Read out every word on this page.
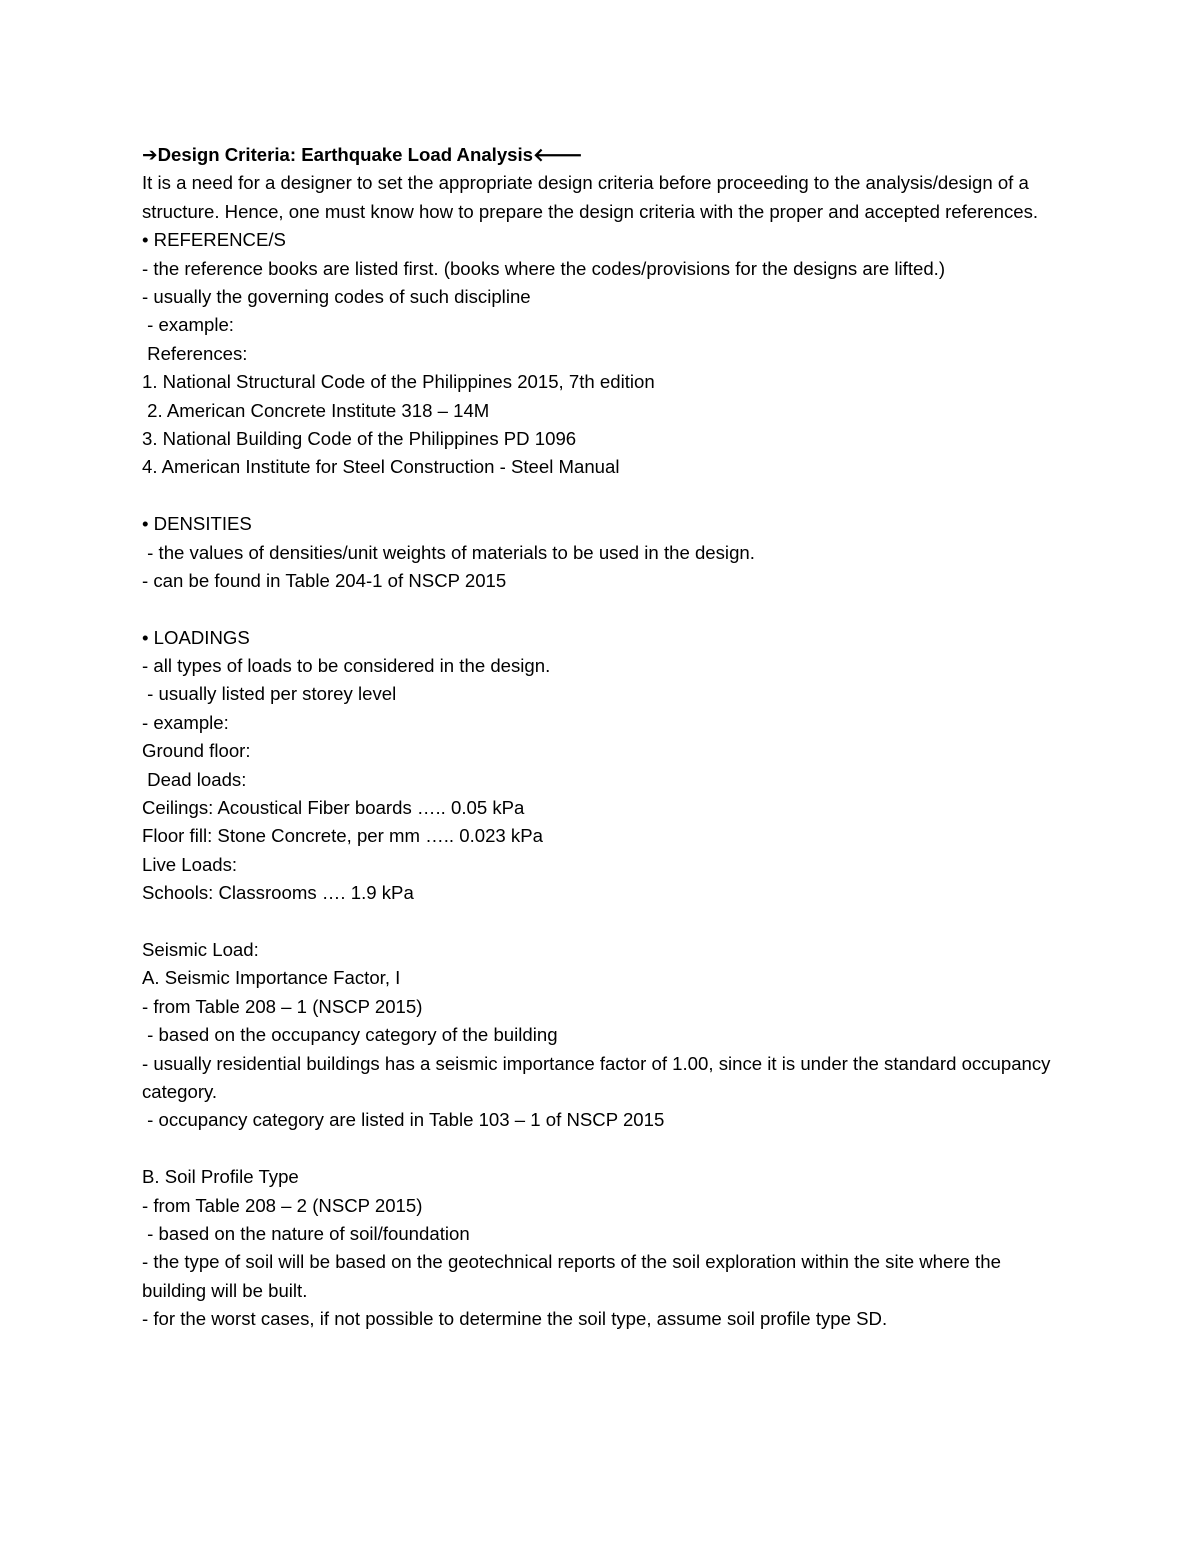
➔Design Criteria: Earthquake Load Analysis🡐
It is a need for a designer to set the appropriate design criteria before proceeding to the analysis/design of a structure. Hence, one must know how to prepare the design criteria with the proper and accepted references.
• REFERENCE/S
- the reference books are listed first. (books where the codes/provisions for the designs are lifted.)
- usually the governing codes of such discipline
- example:
References:
1. National Structural Code of the Philippines 2015, 7th edition
2. American Concrete Institute 318 – 14M
3. National Building Code of the Philippines PD 1096
4. American Institute for Steel Construction - Steel Manual
• DENSITIES
- the values of densities/unit weights of materials to be used in the design.
- can be found in Table 204-1 of NSCP 2015
• LOADINGS
- all types of loads to be considered in the design.
- usually listed per storey level
- example:
Ground floor:
Dead loads:
Ceilings: Acoustical Fiber boards ….. 0.05 kPa
Floor fill: Stone Concrete, per mm ….. 0.023 kPa
Live Loads:
Schools: Classrooms …. 1.9 kPa
Seismic Load:
A. Seismic Importance Factor, I
- from Table 208 – 1 (NSCP 2015)
- based on the occupancy category of the building
- usually residential buildings has a seismic importance factor of 1.00, since it is under the standard occupancy category.
- occupancy category are listed in Table 103 – 1 of NSCP 2015
B. Soil Profile Type
- from Table 208 – 2 (NSCP 2015)
- based on the nature of soil/foundation
- the type of soil will be based on the geotechnical reports of the soil exploration within the site where the building will be built.
- for the worst cases, if not possible to determine the soil type, assume soil profile type SD.
